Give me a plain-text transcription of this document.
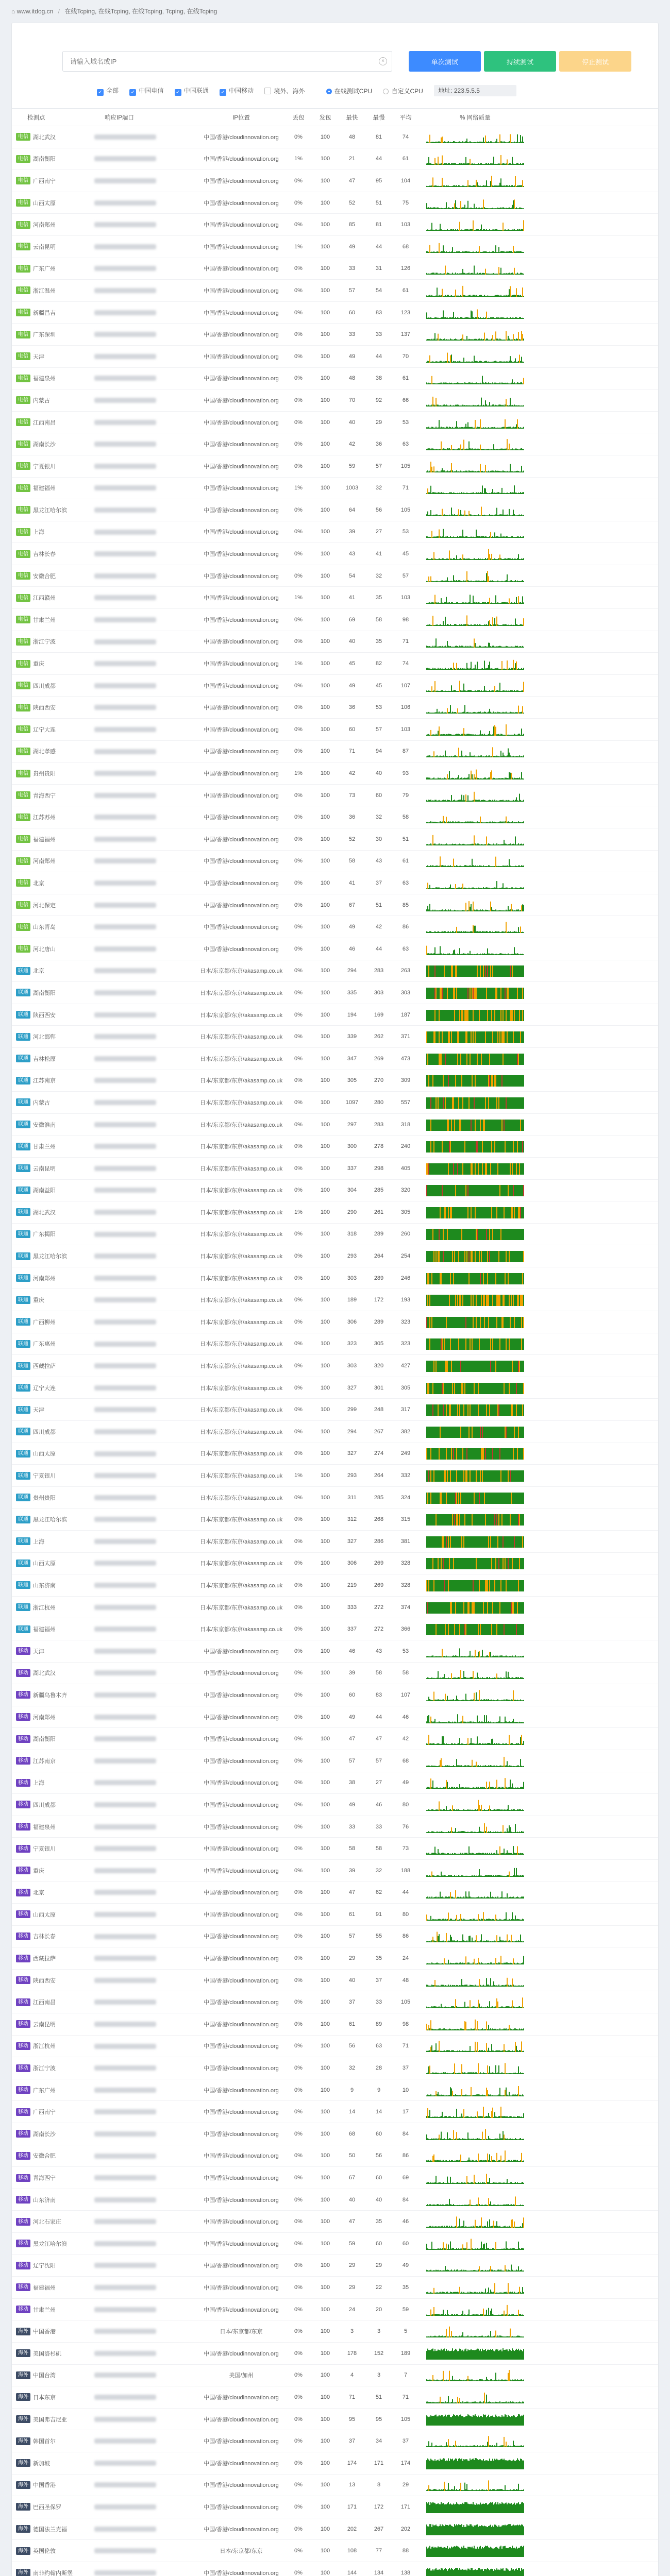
⌂ www.itdog.cn / 在线Tcping, 在线Tcping, 在线Tcping, Tcping, 在线Tcping
请输入域名或IP
×	单次测试	持续测试	停止测试
✓ 全部 ✓ 中国电信 ✓ 中国联通 ✓ 中国移动	境外、海外	在线测试CPU	自定义CPU 地址: 223.5.5.5
检测点	响应IP端口	IP位置	丢包	发包	最快	最慢	平均	% 网络质量
电信 湖北武汉	中国/香港/cloudinnovation.org	0%	100	48	81	74
电信 湖南衡阳	中国/香港/cloudinnovation.org	1%	100	21	44	61
电信 广西南宁	中国/香港/cloudinnovation.org	0%	100	47	95	104
电信 山西太原	中国/香港/cloudinnovation.org	0%	100	52	51	75
电信 河南郑州	中国/香港/cloudinnovation.org	0%	100	85	81	103
电信 云南昆明	中国/香港/cloudinnovation.org	1%	100	49	44	68
电信 广东广州	中国/香港/cloudinnovation.org	0%	100	33	31	126
电信 浙江温州	中国/香港/cloudinnovation.org	0%	100	57	54	61
电信 新疆昌吉	中国/香港/cloudinnovation.org	0%	100	60	83	123
电信 广东深圳	中国/香港/cloudinnovation.org	0%	100	33	33	137
电信 天津	中国/香港/cloudinnovation.org	0%	100	49	44	70
电信 福建泉州	中国/香港/cloudinnovation.org	0%	100	48	38	61
电信 内蒙古	中国/香港/cloudinnovation.org	0%	100	70	92	66
电信 江西南昌	中国/香港/cloudinnovation.org	0%	100	40	29	53
电信 湖南长沙	中国/香港/cloudinnovation.org	0%	100	42	36	63
电信 宁夏银川	中国/香港/cloudinnovation.org	0%	100	59	57	105
电信 福建福州	中国/香港/cloudinnovation.org	1%	100	1003	32	71
电信 黑龙江哈尔滨	中国/香港/cloudinnovation.org	0%	100	64	56	105
电信 上海	中国/香港/cloudinnovation.org	0%	100	39	27	53
电信 吉林长春	中国/香港/cloudinnovation.org	0%	100	43	41	45
电信 安徽合肥	中国/香港/cloudinnovation.org	0%	100	54	32	57
电信 江西赣州	中国/香港/cloudinnovation.org	1%	100	41	35	103
电信 甘肃兰州	中国/香港/cloudinnovation.org	0%	100	69	58	98
电信 浙江宁波	中国/香港/cloudinnovation.org	0%	100	40	35	71
电信 重庆	中国/香港/cloudinnovation.org	1%	100	45	82	74
电信 四川成都	中国/香港/cloudinnovation.org	0%	100	49	45	107
电信 陕西西安	中国/香港/cloudinnovation.org	0%	100	36	53	106
电信 辽宁大连	中国/香港/cloudinnovation.org	0%	100	60	57	103
电信 湖北孝感	中国/香港/cloudinnovation.org	0%	100	71	94	87
电信 贵州贵阳	中国/香港/cloudinnovation.org	1%	100	42	40	93
电信 青海西宁	中国/香港/cloudinnovation.org	0%	100	73	60	79
电信 江苏苏州	中国/香港/cloudinnovation.org	0%	100	36	32	58
电信 福建福州	中国/香港/cloudinnovation.org	0%	100	52	30	51
电信 河南郑州	中国/香港/cloudinnovation.org	0%	100	58	43	61
电信 北京	中国/香港/cloudinnovation.org	0%	100	41	37	63
电信 河北保定	中国/香港/cloudinnovation.org	0%	100	67	51	85
电信 山东青岛	中国/香港/cloudinnovation.org	0%	100	49	42	86
电信 河北唐山	中国/香港/cloudinnovation.org	0%	100	46	44	63
联通 北京	日本/东京都/东京/akasamp.co.uk	0%	100	294	283	263
联通 湖南衡阳	日本/东京都/东京/akasamp.co.uk	0%	100	335	303	303
联通 陕西西安	日本/东京都/东京/akasamp.co.uk	0%	100	194	169	187
联通 河北邯郸	日本/东京都/东京/akasamp.co.uk	0%	100	339	262	371
联通 吉林松原	日本/东京都/东京/akasamp.co.uk	0%	100	347	269	473
联通 江苏南京	日本/东京都/东京/akasamp.co.uk	0%	100	305	270	309
联通 内蒙古	日本/东京都/东京/akasamp.co.uk	0%	100	1097	280	557
联通 安徽淮南	日本/东京都/东京/akasamp.co.uk	0%	100	297	283	318
联通 甘肃兰州	日本/东京都/东京/akasamp.co.uk	0%	100	300	278	240
联通 云南昆明	日本/东京都/东京/akasamp.co.uk	0%	100	337	298	405
联通 湖南益阳	日本/东京都/东京/akasamp.co.uk	0%	100	304	285	320
联通 湖北武汉	日本/东京都/东京/akasamp.co.uk	1%	100	290	261	305
联通 广东揭阳	日本/东京都/东京/akasamp.co.uk	0%	100	318	289	260
联通 黑龙江哈尔滨	日本/东京都/东京/akasamp.co.uk	0%	100	293	264	254
联通 河南郑州	日本/东京都/东京/akasamp.co.uk	0%	100	303	289	246
联通 重庆	日本/东京都/东京/akasamp.co.uk	0%	100	189	172	193
联通 广西柳州	日本/东京都/东京/akasamp.co.uk	0%	100	306	289	323
联通 广东惠州	日本/东京都/东京/akasamp.co.uk	0%	100	323	305	323
联通 西藏拉萨	日本/东京都/东京/akasamp.co.uk	0%	100	303	320	427
联通 辽宁大连	日本/东京都/东京/akasamp.co.uk	0%	100	327	301	305
联通 天津	日本/东京都/东京/akasamp.co.uk	0%	100	299	248	317
联通 四川成都	日本/东京都/东京/akasamp.co.uk	0%	100	294	267	382
联通 山西太原	日本/东京都/东京/akasamp.co.uk	0%	100	327	274	249
联通 宁夏银川	日本/东京都/东京/akasamp.co.uk	1%	100	293	264	332
联通 贵州贵阳	日本/东京都/东京/akasamp.co.uk	0%	100	311	285	324
联通 黑龙江哈尔滨	日本/东京都/东京/akasamp.co.uk	0%	100	312	268	315
联通 上海	日本/东京都/东京/akasamp.co.uk	0%	100	327	286	381
联通 山西太原	日本/东京都/东京/akasamp.co.uk	0%	100	306	269	328
联通 山东济南	日本/东京都/东京/akasamp.co.uk	0%	100	219	269	328
联通 浙江杭州	日本/东京都/东京/akasamp.co.uk	0%	100	333	272	374
联通 福建福州	日本/东京都/东京/akasamp.co.uk	0%	100	337	272	366
移动 天津	中国/香港/cloudinnovation.org	0%	100	46	43	53
移动 湖北武汉	中国/香港/cloudinnovation.org	0%	100	39	58	58
移动 新疆乌鲁木齐	中国/香港/cloudinnovation.org	0%	100	60	83	107
移动 河南郑州	中国/香港/cloudinnovation.org	0%	100	49	44	46
移动 湖南衡阳	中国/香港/cloudinnovation.org	0%	100	47	47	42
移动 江苏南京	中国/香港/cloudinnovation.org	0%	100	57	57	68
移动 上海	中国/香港/cloudinnovation.org	0%	100	38	27	49
移动 四川成都	中国/香港/cloudinnovation.org	0%	100	49	46	80
移动 福建泉州	中国/香港/cloudinnovation.org	0%	100	33	33	76
移动 宁夏银川	中国/香港/cloudinnovation.org	0%	100	58	58	73
移动 重庆	中国/香港/cloudinnovation.org	0%	100	39	32	188
移动 北京	中国/香港/cloudinnovation.org	0%	100	47	62	44
移动 山西太原	中国/香港/cloudinnovation.org	0%	100	61	91	80
移动 吉林长春	中国/香港/cloudinnovation.org	0%	100	57	55	86
移动 西藏拉萨	中国/香港/cloudinnovation.org	0%	100	29	35	24
移动 陕西西安	中国/香港/cloudinnovation.org	0%	100	40	37	48
移动 江西南昌	中国/香港/cloudinnovation.org	0%	100	37	33	105
移动 云南昆明	中国/香港/cloudinnovation.org	0%	100	61	89	98
移动 浙江杭州	中国/香港/cloudinnovation.org	0%	100	56	63	71
移动 浙江宁波	中国/香港/cloudinnovation.org	0%	100	32	28	37
移动 广东广州	中国/香港/cloudinnovation.org	0%	100	9	9	10
移动 广西南宁	中国/香港/cloudinnovation.org	0%	100	14	14	17
移动 湖南长沙	中国/香港/cloudinnovation.org	0%	100	68	60	84
移动 安徽合肥	中国/香港/cloudinnovation.org	0%	100	50	56	86
移动 青海西宁	中国/香港/cloudinnovation.org	0%	100	67	60	69
移动 山东济南	中国/香港/cloudinnovation.org	0%	100	40	40	84
移动 河北石家庄	中国/香港/cloudinnovation.org	0%	100	47	35	46
移动 黑龙江哈尔滨	中国/香港/cloudinnovation.org	0%	100	59	60	60
移动 辽宁沈阳	中国/香港/cloudinnovation.org	0%	100	29	29	49
移动 福建福州	中国/香港/cloudinnovation.org	0%	100	29	22	35
移动 甘肃兰州	中国/香港/cloudinnovation.org	0%	100	24	20	59
海外 中国香港	日本/东京都/东京	0%	100	3	3	5
海外 美国洛杉矶	中国/香港/cloudinnovation.org	0%	100	178	152	189
海外 中国台湾	美国/加州	0%	100	4	3	7
海外 日本东京	中国/香港/cloudinnovation.org	0%	100	71	51	71
海外 美国弗吉尼亚	中国/香港/cloudinnovation.org	0%	100	95	95	105
海外 韩国首尔	中国/香港/cloudinnovation.org	0%	100	37	34	37
海外 新加坡	中国/香港/cloudinnovation.org	0%	100	174	171	174
海外 中国香港	中国/香港/cloudinnovation.org	0%	100	13	8	29
海外 巴西圣保罗	中国/香港/cloudinnovation.org	0%	100	171	172	171
海外 德国法兰克福	中国/香港/cloudinnovation.org	0%	100	202	267	202
海外 英国伦敦	日本/东京都/东京	0%	100	108	77	88
海外 南非约翰内斯堡	中国/香港/cloudinnovation.org	0%	100	144	134	138
